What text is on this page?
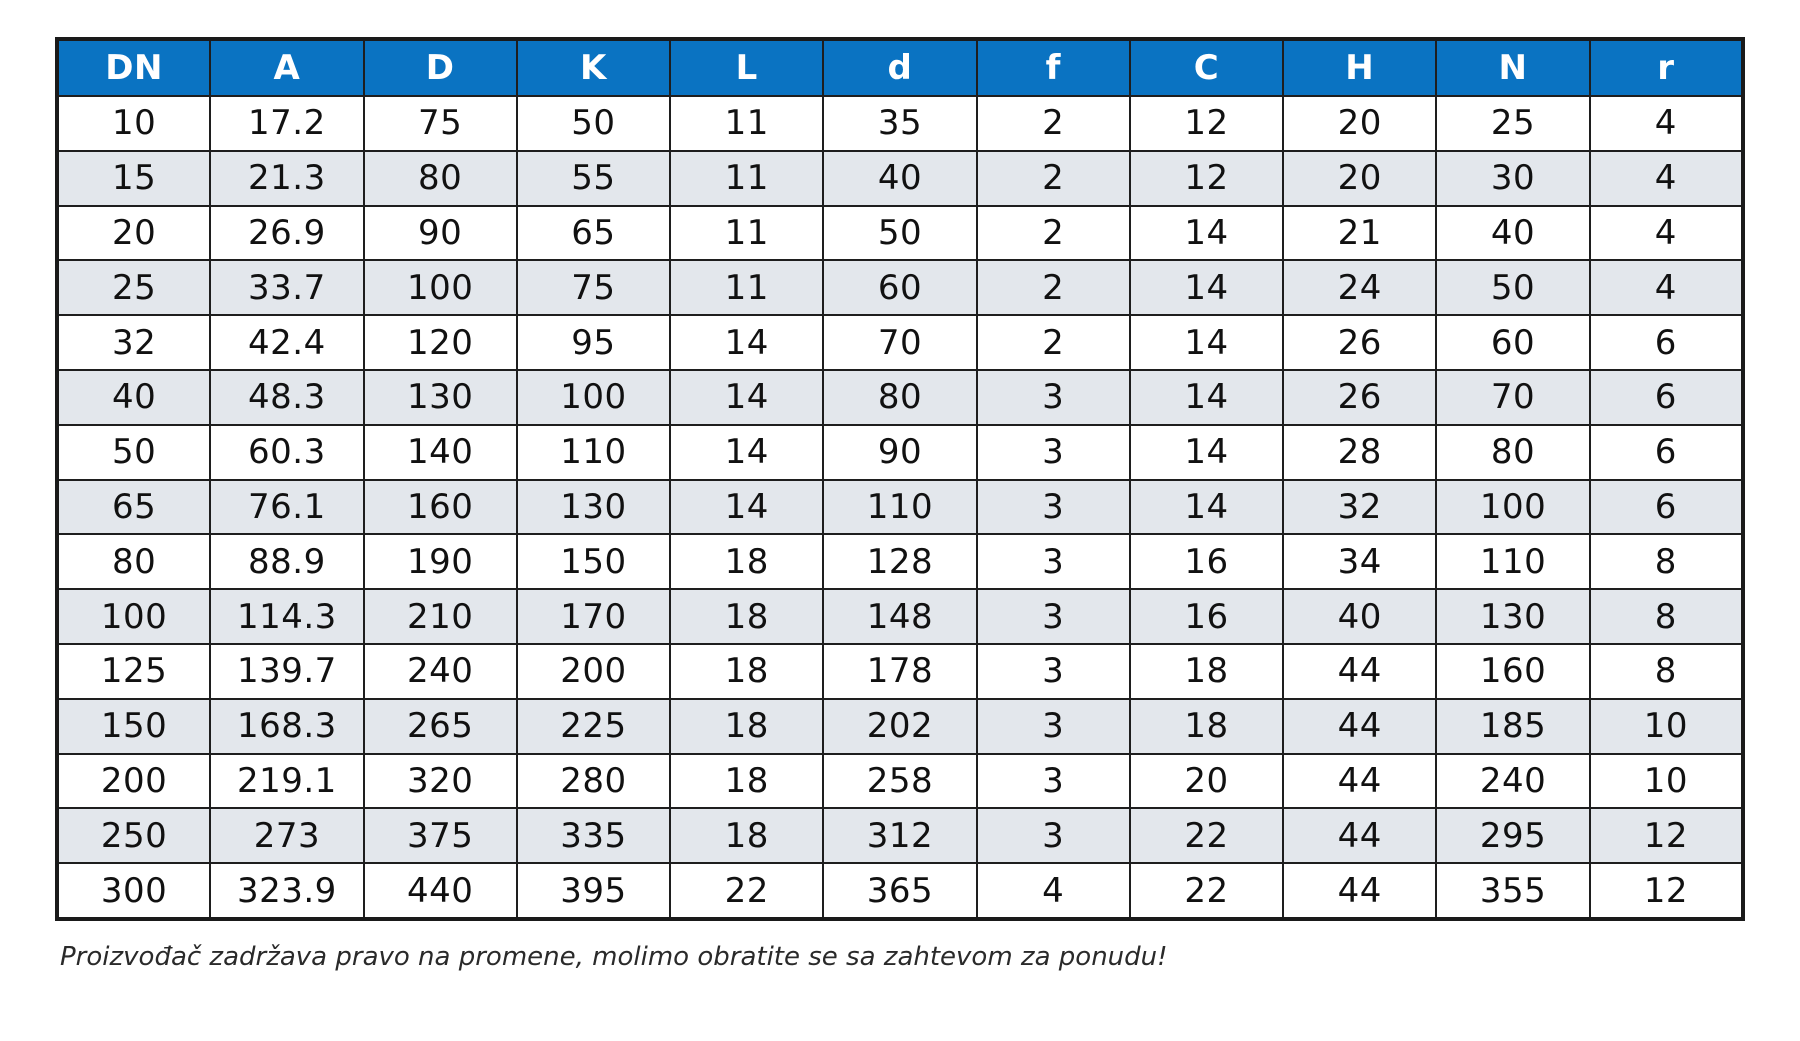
DN	A	D	K	L	d	f	C	H	N	r
10	17.2	75	50	11	35	2	12	20	25	4
15	21.3	80	55	11	40	2	12	20	30	4
20	26.9	90	65	11	50	2	14	21	40	4
25	33.7	100	75	11	60	2	14	24	50	4
32	42.4	120	95	14	70	2	14	26	60	6
40	48.3	130	100	14	80	3	14	26	70	6
50	60.3	140	110	14	90	3	14	28	80	6
65	76.1	160	130	14	110	3	14	32	100	6
80	88.9	190	150	18	128	3	16	34	110	8
100	114.3	210	170	18	148	3	16	40	130	8
125	139.7	240	200	18	178	3	18	44	160	8
150	168.3	265	225	18	202	3	18	44	185	10
200	219.1	320	280	18	258	3	20	44	240	10
250	273	375	335	18	312	3	22	44	295	12
300	323.9	440	395	22	365	4	22	44	355	12

Proizvođač zadržava pravo na promene, molimo obratite se sa zahtevom za ponudu!
